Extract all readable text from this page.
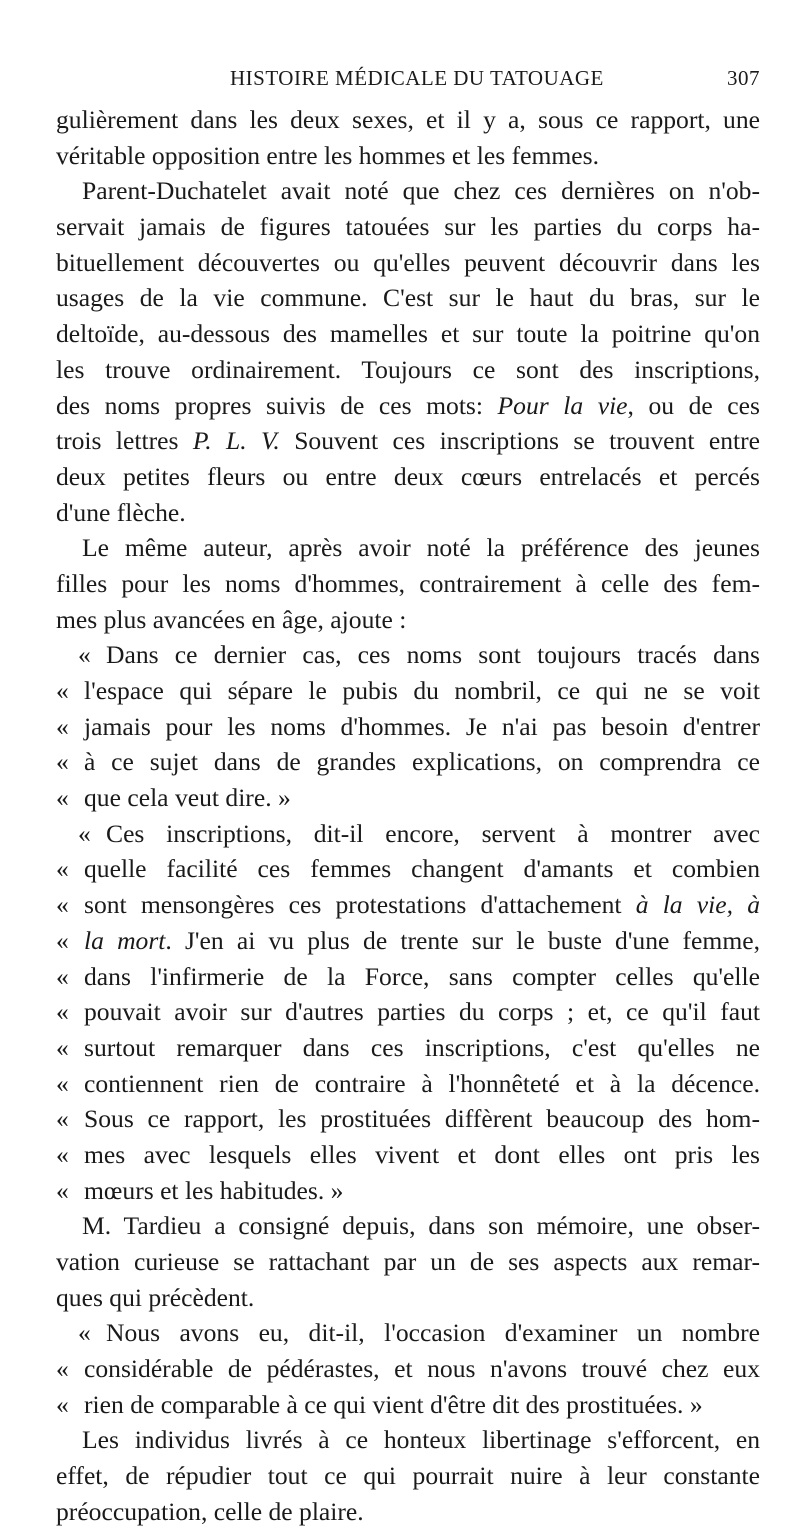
HISTOIRE MÉDICALE DU TATOUAGE	307
gulièrement dans les deux sexes, et il y a, sous ce rapport, une
véritable opposition entre les hommes et les femmes.
Parent-Duchatelet avait noté que chez ces dernières on n'ob-
servait jamais de figures tatouées sur les parties du corps ha-
bituellement découvertes ou qu'elles peuvent découvrir dans les
usages de la vie commune. C'est sur le haut du bras, sur le
deltoïde, au-dessous des mamelles et sur toute la poitrine qu'on
les trouve ordinairement. Toujours ce sont des inscriptions,
des noms propres suivis de ces mots: Pour la vie, ou de ces
trois lettres P. L. V. Souvent ces inscriptions se trouvent entre
deux petites fleurs ou entre deux cœurs entrelacés et percés
d'une flèche.
Le même auteur, après avoir noté la préférence des jeunes
filles pour les noms d'hommes, contrairement à celle des fem-
mes plus avancées en âge, ajoute :
« Dans ce dernier cas, ces noms sont toujours tracés dans
« l'espace qui sépare le pubis du nombril, ce qui ne se voit
« jamais pour les noms d'hommes. Je n'ai pas besoin d'entrer
« à ce sujet dans de grandes explications, on comprendra ce
« que cela veut dire. »
« Ces inscriptions, dit-il encore, servent à montrer avec
« quelle facilité ces femmes changent d'amants et combien
« sont mensongères ces protestations d'attachement à la vie, à
« la mort. J'en ai vu plus de trente sur le buste d'une femme,
« dans l'infirmerie de la Force, sans compter celles qu'elle
« pouvait avoir sur d'autres parties du corps ; et, ce qu'il faut
« surtout remarquer dans ces inscriptions, c'est qu'elles ne
« contiennent rien de contraire à l'honnêteté et à la décence.
« Sous ce rapport, les prostituées diffèrent beaucoup des hom-
« mes avec lesquels elles vivent et dont elles ont pris les
« mœurs et les habitudes. »
M. Tardieu a consigné depuis, dans son mémoire, une obser-
vation curieuse se rattachant par un de ses aspects aux remar-
ques qui précèdent.
« Nous avons eu, dit-il, l'occasion d'examiner un nombre
« considérable de pédérastes, et nous n'avons trouvé chez eux
« rien de comparable à ce qui vient d'être dit des prostituées. »
Les individus livrés à ce honteux libertinage s'efforcent, en
effet, de répudier tout ce qui pourrait nuire à leur constante
préoccupation, celle de plaire.
